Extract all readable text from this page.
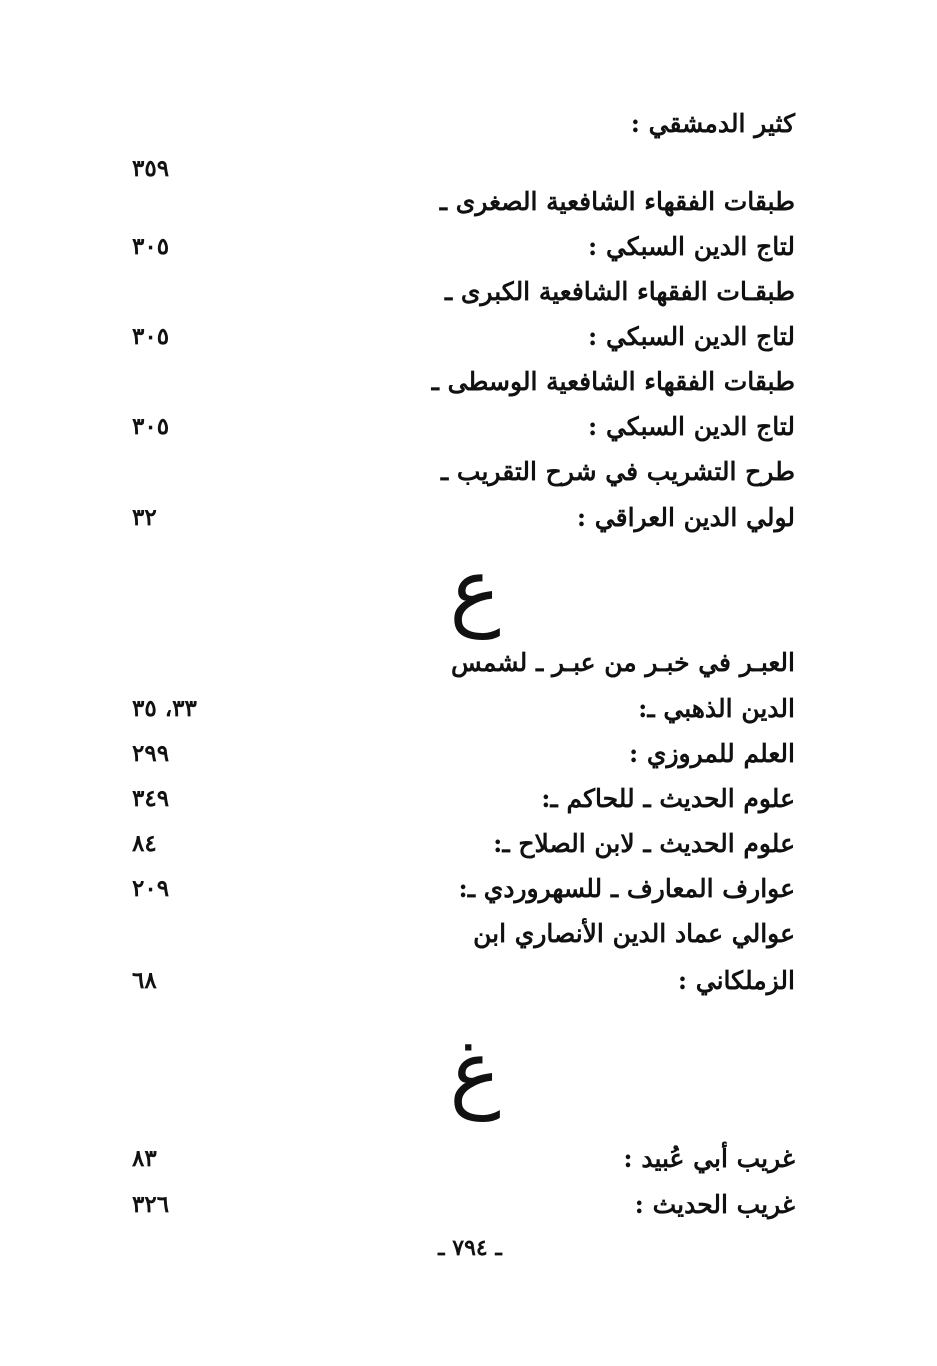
كثير الدمشقي :
٣٥٩
طبقات الفقهاء الشافعية الصغرى ـ
لتاج الدين السبكي :
٣٠٥
طبقـات الفقهاء الشافعية الكبرى ـ
لتاج الدين السبكي :
٣٠٥
طبقات الفقهاء الشافعية الوسطى ـ
لتاج الدين السبكي :
٣٠٥
طرح التشريب في شرح التقريب ـ
لولي الدين العراقي :
٣٢
ع
العبـر في خبـر من عبـر ـ لشمس
الدين الذهبي ـ:
٣٣، ٣٥
العلم للمروزي :
٢٩٩
علوم الحديث ـ للحاكم ـ:
٣٤٩
علوم الحديث ـ لابن الصلاح ـ:
٨٤
عوارف المعارف ـ للسهروردي ـ:
٢٠٩
عوالي عماد الدين الأنصاري ابن
الزملكاني :
٦٨
غ
غريب أبي عُبيد :
٨٣
غريب الحديث :
٣٢٦
ـ ٧٩٤ ـ
